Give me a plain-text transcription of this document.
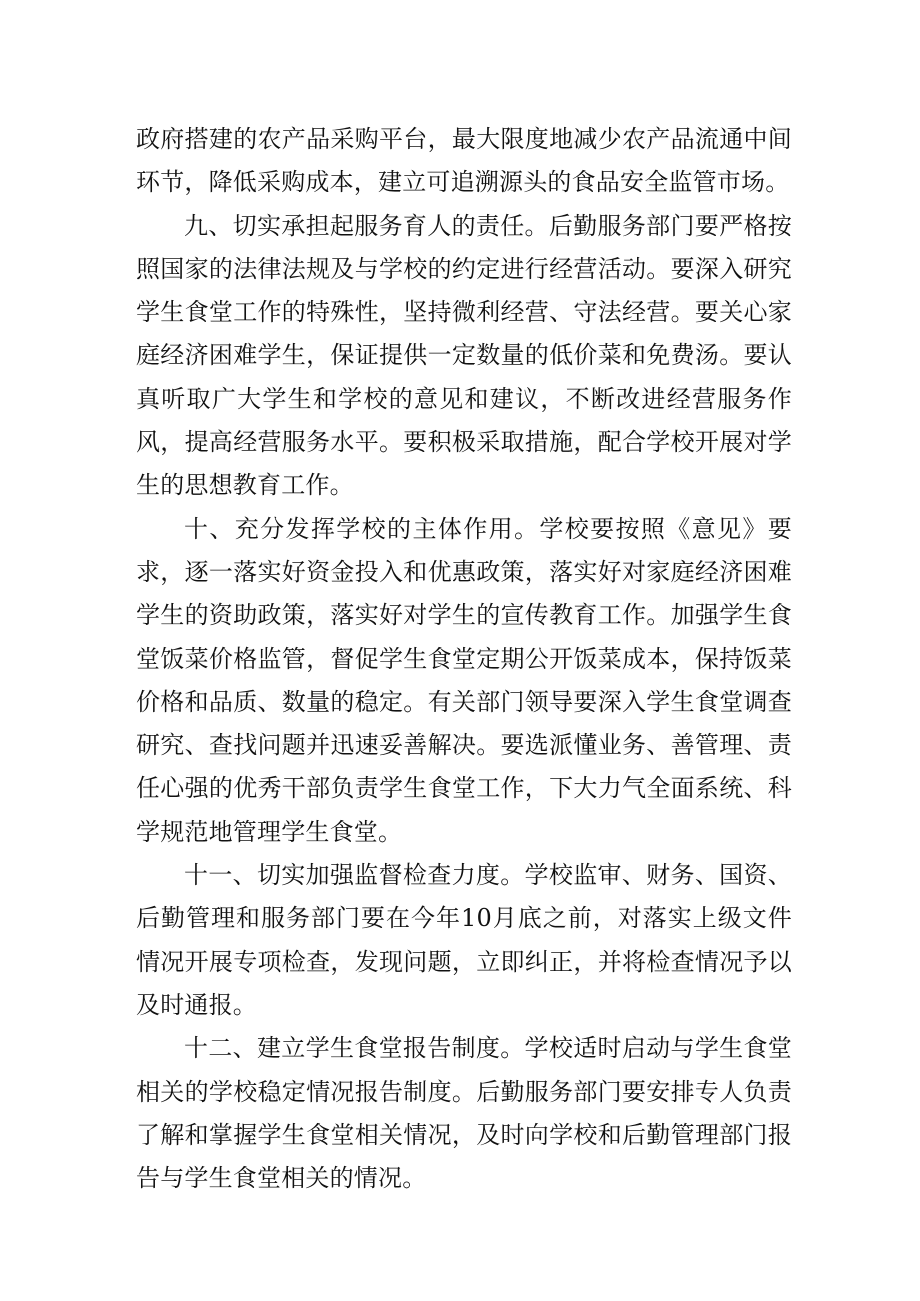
政府搭建的农产品采购平台，最大限度地减少农产品流通中间环节，降低采购成本，建立可追溯源头的食品安全监管市场。

九、切实承担起服务育人的责任。后勤服务部门要严格按照国家的法律法规及与学校的约定进行经营活动。要深入研究学生食堂工作的特殊性，坚持微利经营、守法经营。要关心家庭经济困难学生，保证提供一定数量的低价菜和免费汤。要认真听取广大学生和学校的意见和建议，不断改进经营服务作风，提高经营服务水平。要积极采取措施，配合学校开展对学生的思想教育工作。

十、充分发挥学校的主体作用。学校要按照《意见》要求，逐一落实好资金投入和优惠政策，落实好对家庭经济困难学生的资助政策，落实好对学生的宣传教育工作。加强学生食堂饭菜价格监管，督促学生食堂定期公开饭菜成本，保持饭菜价格和品质、数量的稳定。有关部门领导要深入学生食堂调查研究、查找问题并迅速妥善解决。要选派懂业务、善管理、责任心强的优秀干部负责学生食堂工作，下大力气全面系统、科学规范地管理学生食堂。

十一、切实加强监督检查力度。学校监审、财务、国资、后勤管理和服务部门要在今年10月底之前，对落实上级文件情况开展专项检查，发现问题，立即纠正，并将检查情况予以及时通报。

十二、建立学生食堂报告制度。学校适时启动与学生食堂相关的学校稳定情况报告制度。后勤服务部门要安排专人负责了解和掌握学生食堂相关情况，及时向学校和后勤管理部门报告与学生食堂相关的情况。
